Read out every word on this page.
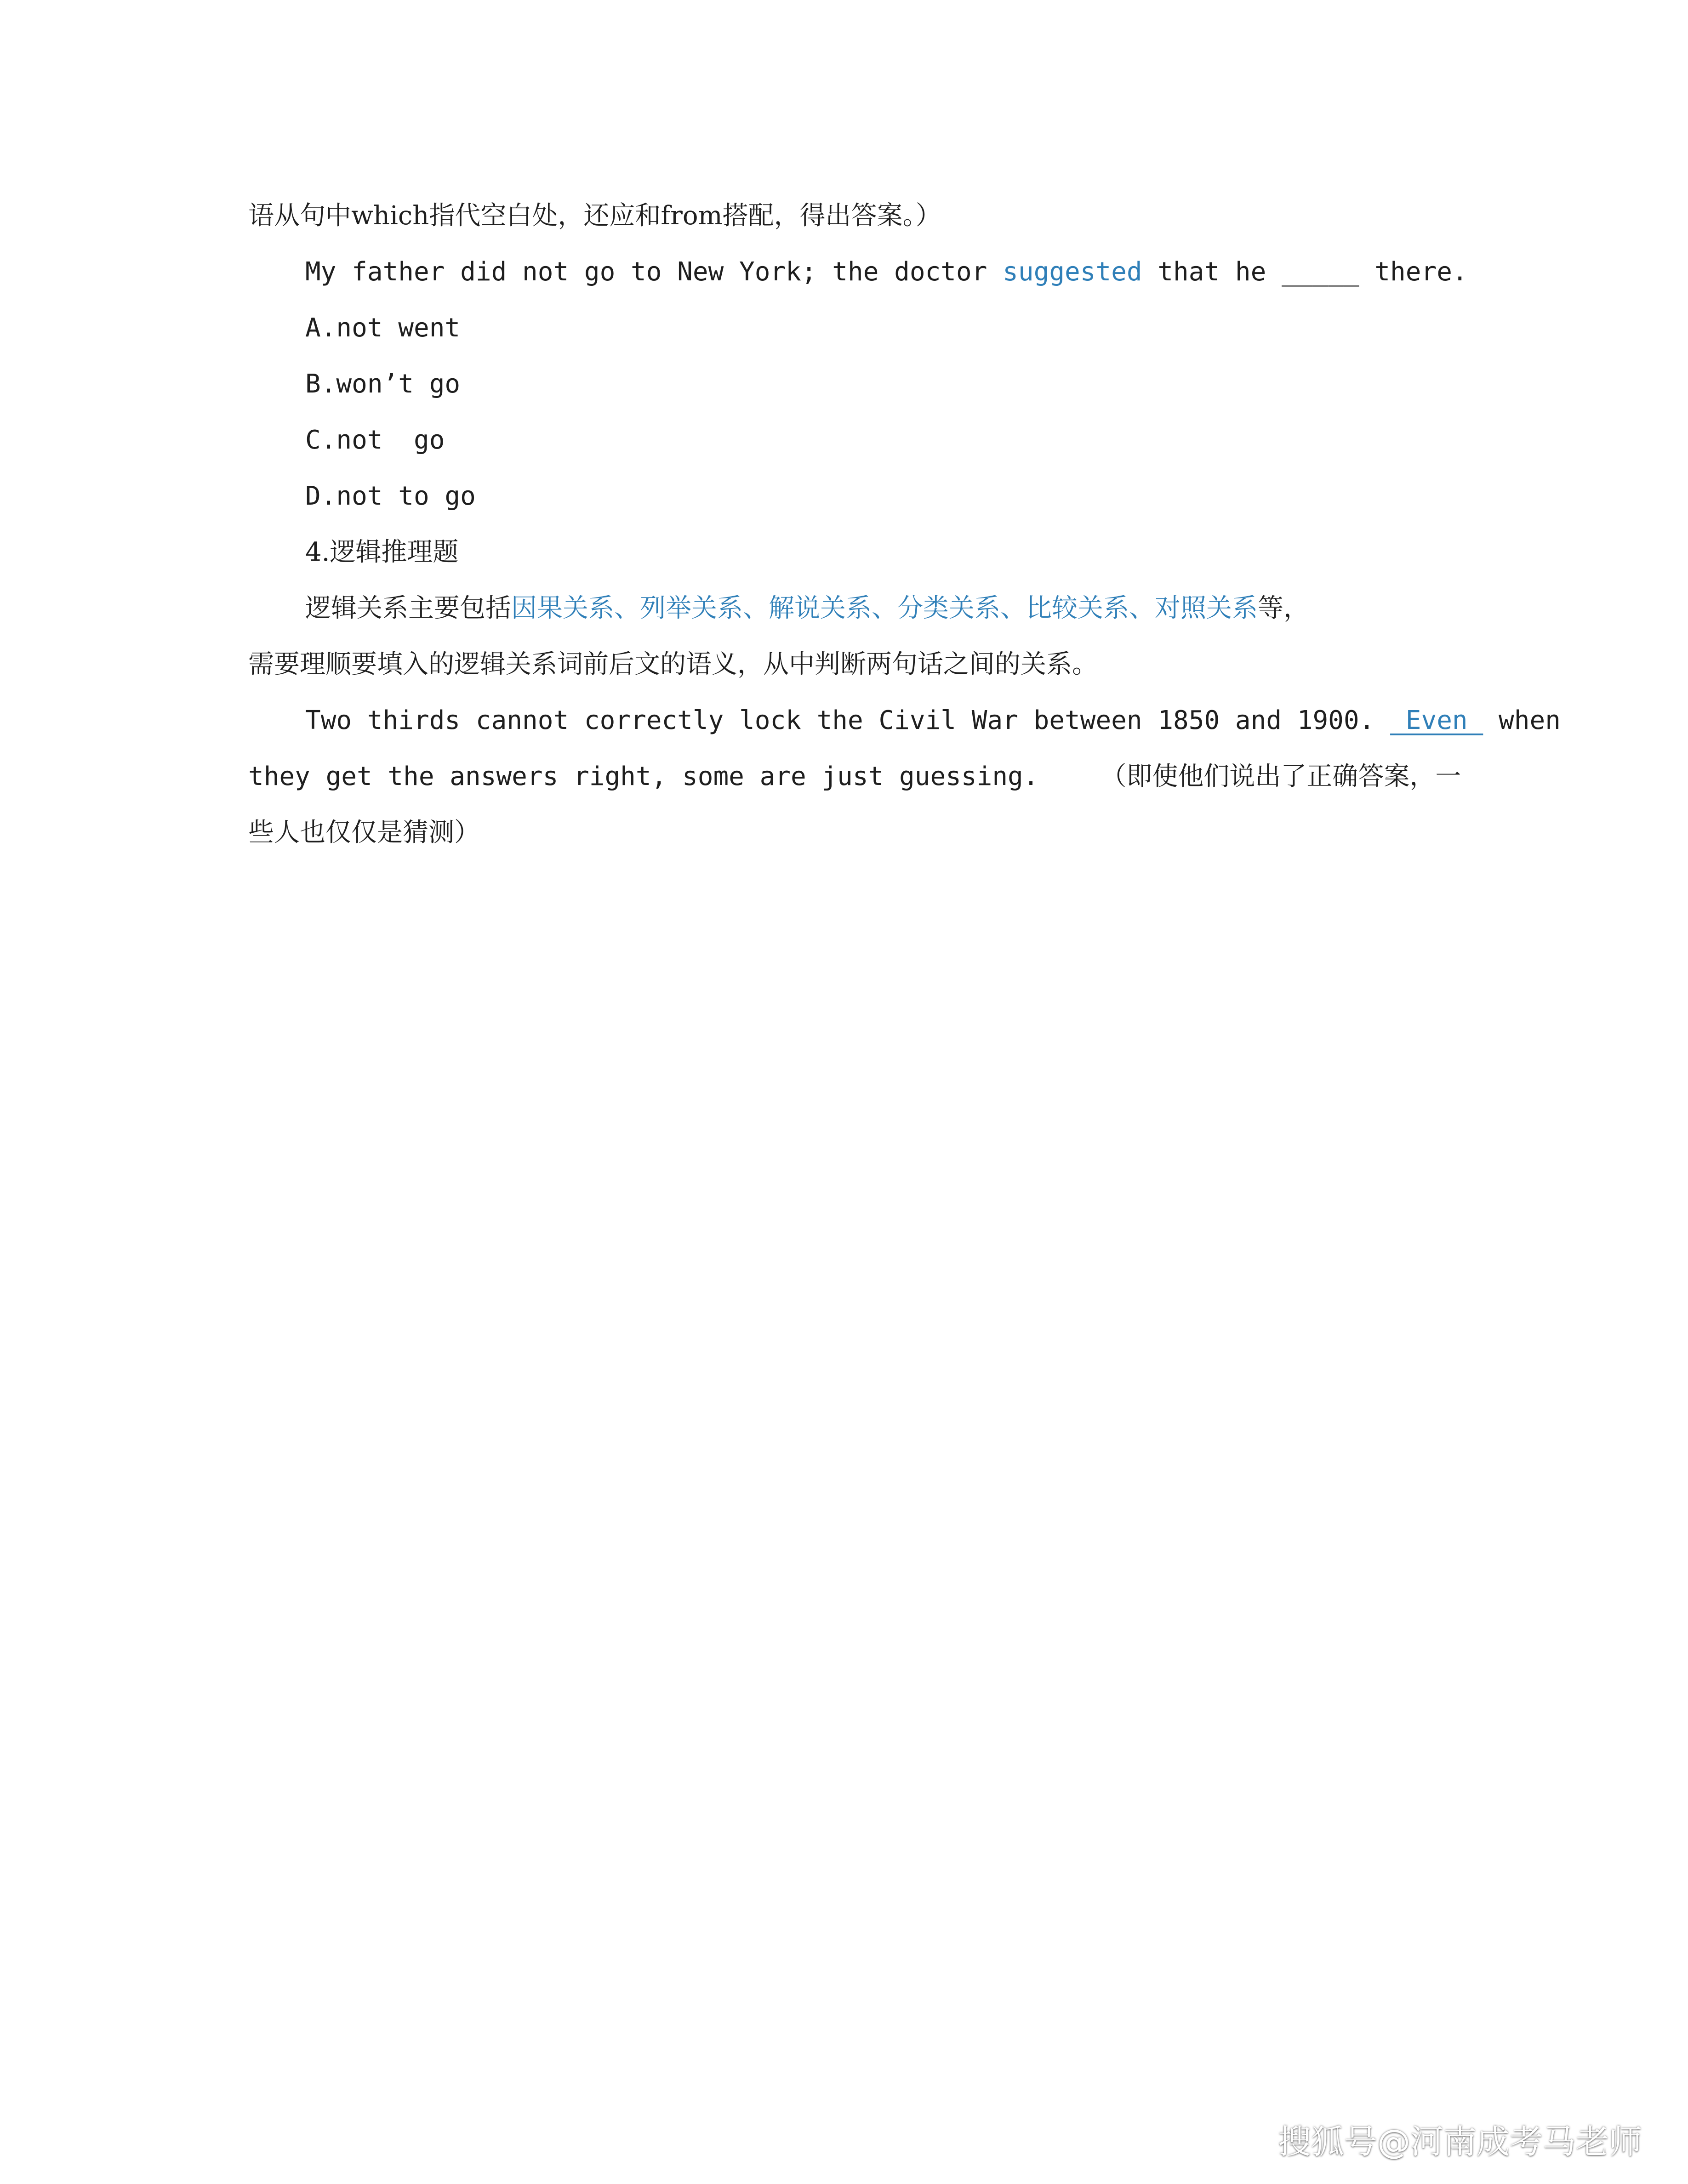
语从句中which指代空白处，还应和from搭配，得出答案。）

My father did not go to New York; the doctor suggested that he _____ there.

A.not went

B.won’t go

C.not  go

D.not to go

4.逻辑推理题

逻辑关系主要包括因果关系、列举关系、解说关系、分类关系、比较关系、对照关系等，

需要理顺要填入的逻辑关系词前后文的语义，从中判断两句话之间的关系。

Two thirds cannot correctly lock the Civil War between 1850 and 1900.  Even  when

they get the answers right, some are just guessing.    （即使他们说出了正确答案，一

些人也仅仅是猜测）

搜狐号@河南成考马老师
